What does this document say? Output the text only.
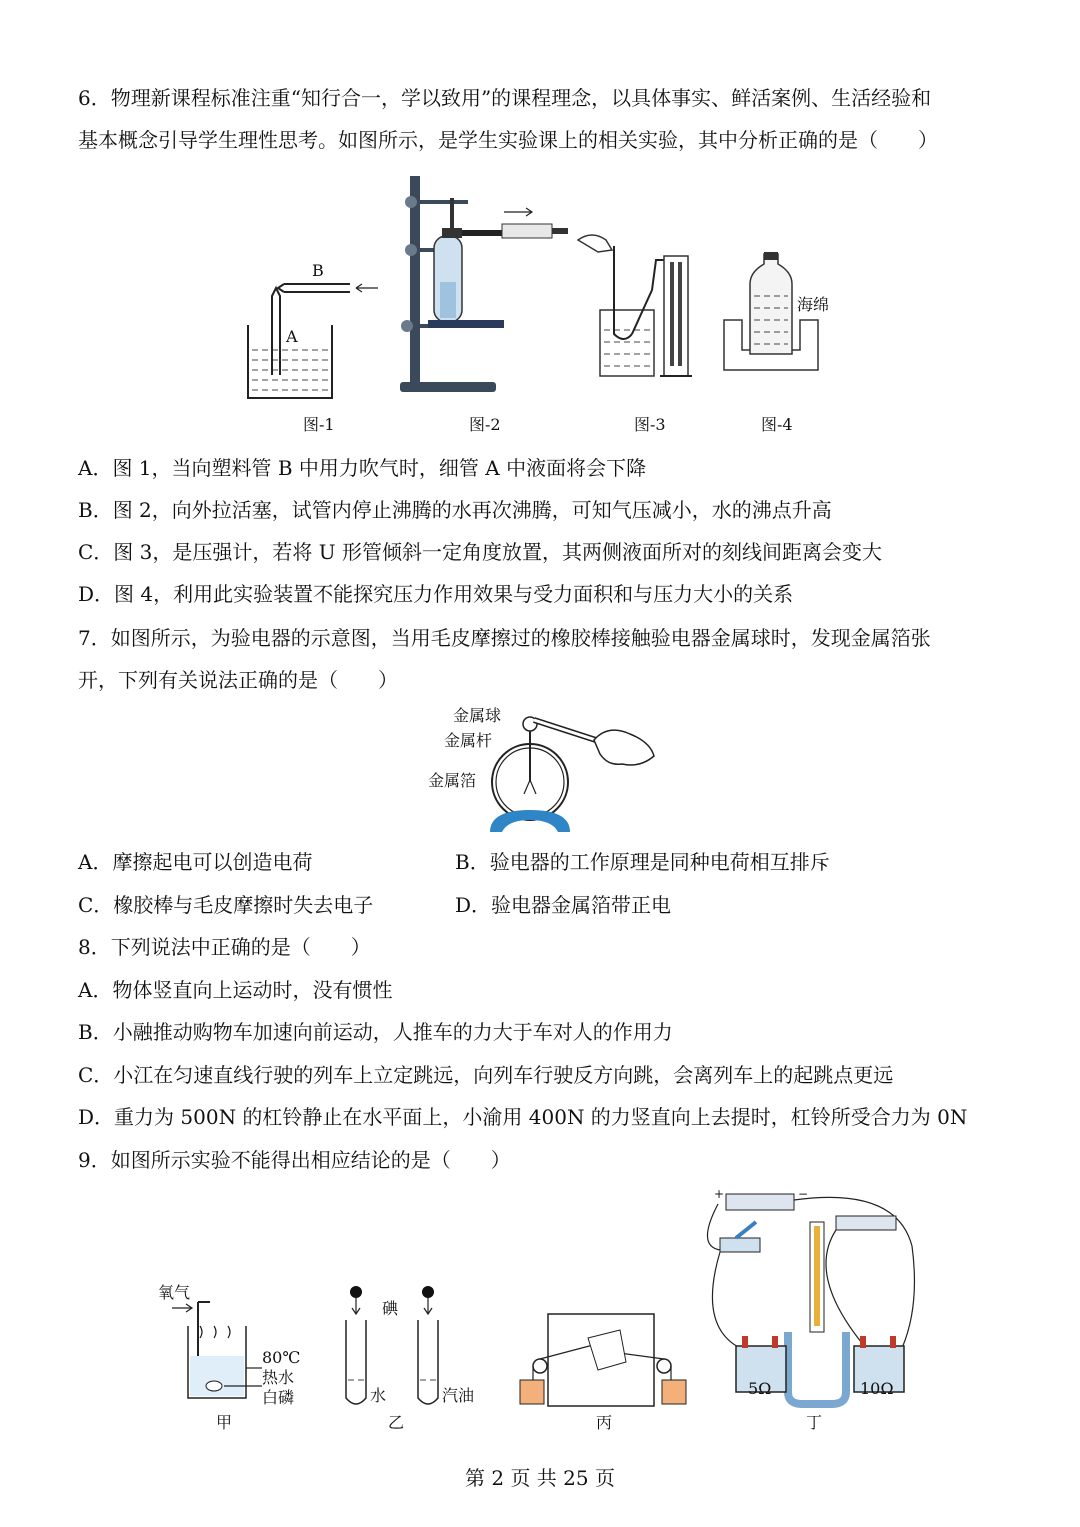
6．物理新课程标准注重“知行合一，学以致用”的课程理念，以具体事实、鲜活案例、生活经验和
基本概念引导学生理性思考。如图所示，是学生实验课上的相关实验，其中分析正确的是（　　）
B
A
海绵
图-1	图-2	图-3	图-4
A．图 1，当向塑料管 B 中用力吹气时，细管 A 中液面将会下降
B．图 2，向外拉活塞，试管内停止沸腾的水再次沸腾，可知气压减小，水的沸点升高
C．图 3，是压强计，若将 U 形管倾斜一定角度放置，其两侧液面所对的刻线间距离会变大
D．图 4，利用此实验装置不能探究压力作用效果与受力面积和与压力大小的关系
7．如图所示，为验电器的示意图，当用毛皮摩擦过的橡胶棒接触验电器金属球时，发现金属箔张
开，下列有关说法正确的是（　　）
金属球
金属杆
金属箔
A．摩擦起电可以创造电荷	B．验电器的工作原理是同种电荷相互排斥
C．橡胶棒与毛皮摩擦时失去电子	D．验电器金属箔带正电
8．下列说法中正确的是（　　）
A．物体竖直向上运动时，没有惯性
B．小融推动购物车加速向前运动，人推车的力大于车对人的作用力
C．小江在匀速直线行驶的列车上立定跳远，向列车行驶反方向跳，会离列车上的起跳点更远
D．重力为 500N 的杠铃静止在水平面上，小渝用 400N 的力竖直向上去提时，杠铃所受合力为 0N
9．如图所示实验不能得出相应结论的是（　　）
氧气
80℃
热水
白磷
碘
水	汽油
+	−
5Ω	10Ω
甲	乙	丙	丁
第 2 页 共 25 页
